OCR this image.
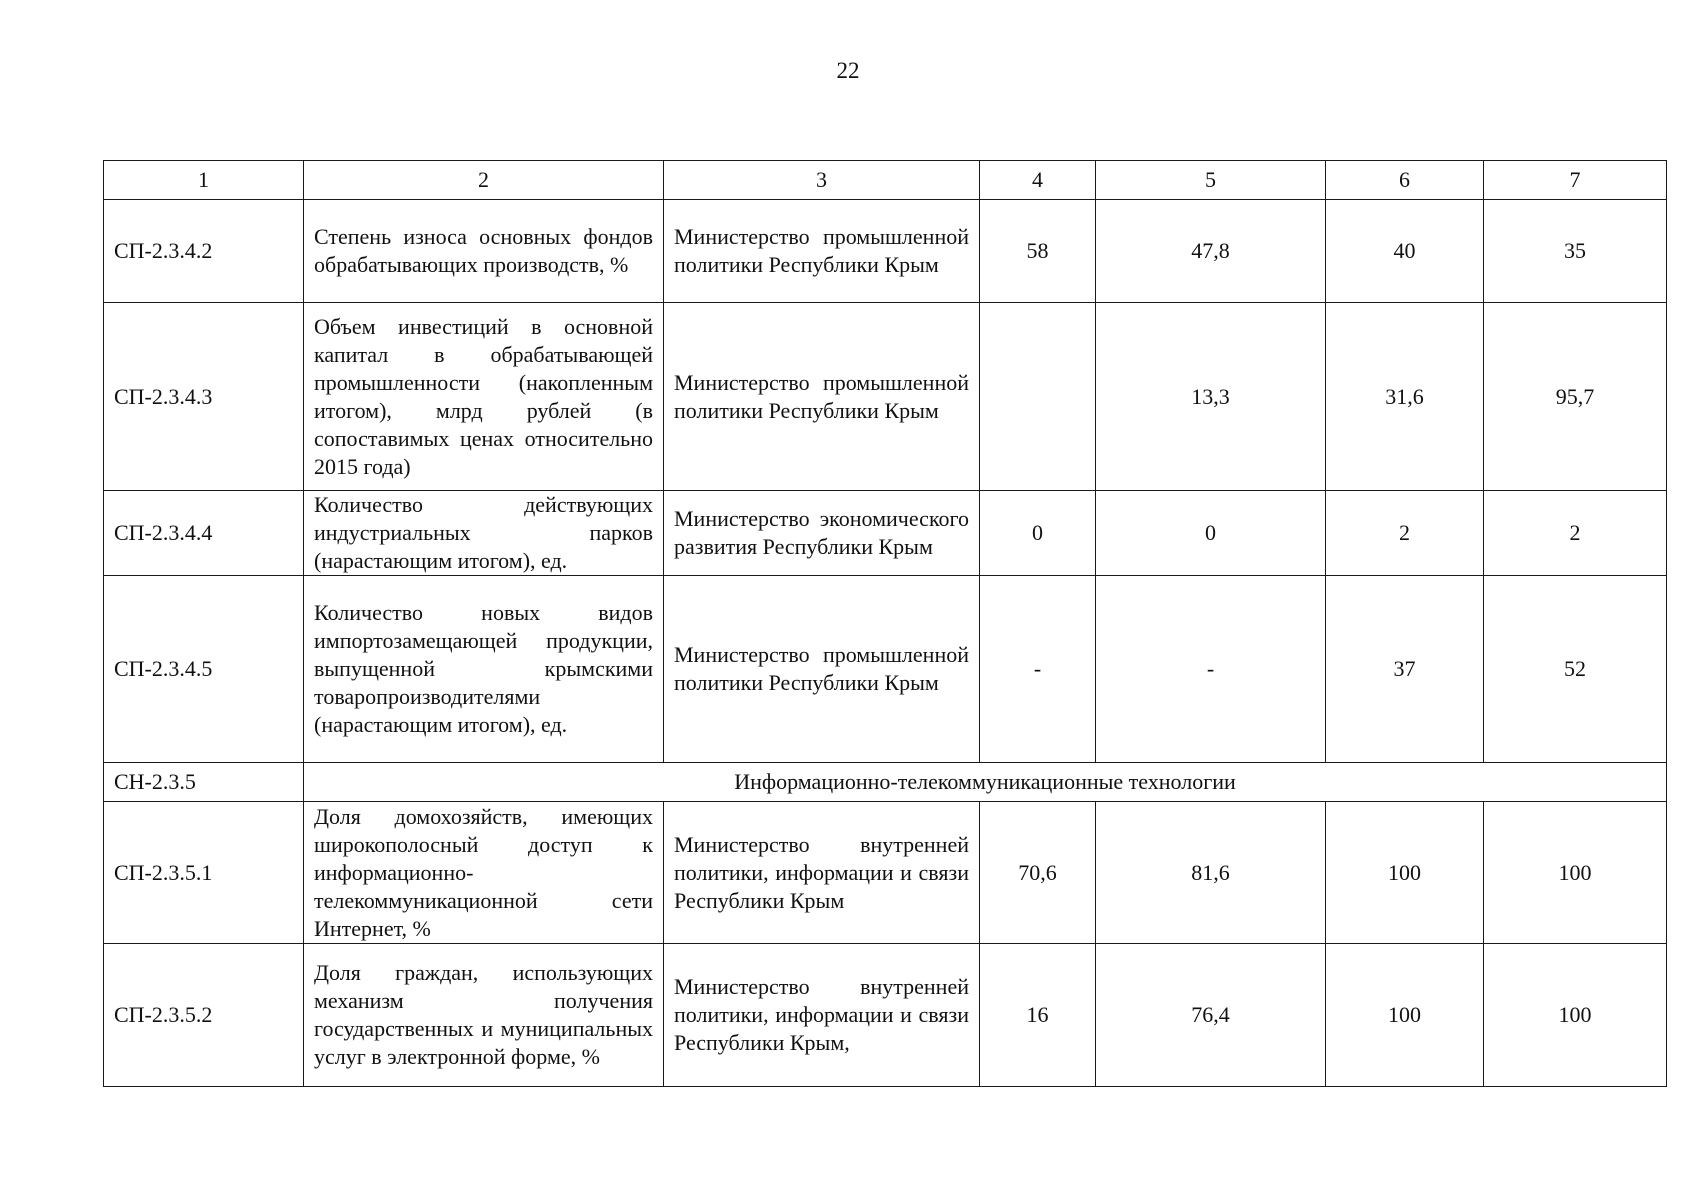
22
1	2	3	4	5	6	7
СП-2.3.4.2	Степень износа основных фондов обрабатывающих производств, %	Министерство промышленной политики Республики Крым	58	47,8	40	35
СП-2.3.4.3	Объем инвестиций в основной капитал в обрабатывающей промышленности (накопленным итогом), млрд рублей (в сопоставимых ценах относительно 2015 года)	Министерство промышленной политики Республики Крым		13,3	31,6	95,7
СП-2.3.4.4	Количество действующих индустриальных парков (нарастающим итогом), ед.	Министерство экономического развития Республики Крым	0	0	2	2
СП-2.3.4.5	Количество новых видов импортозамещающей продукции, выпущенной крымскими товаропроизводителями (нарастающим итогом), ед.	Министерство промышленной политики Республики Крым	-	-	37	52
СН-2.3.5	Информационно-телекоммуникационные технологии					
СП-2.3.5.1	Доля домохозяйств, имеющих широкополосный доступ к информационно-телекоммуникационной сети Интернет, %	Министерство внутренней политики, информации и связи Республики Крым	70,6	81,6	100	100
СП-2.3.5.2	Доля граждан, использующих механизм получения государственных и муниципальных услуг в электронной форме, %	Министерство внутренней политики, информации и связи Республики Крым,	16	76,4	100	100
